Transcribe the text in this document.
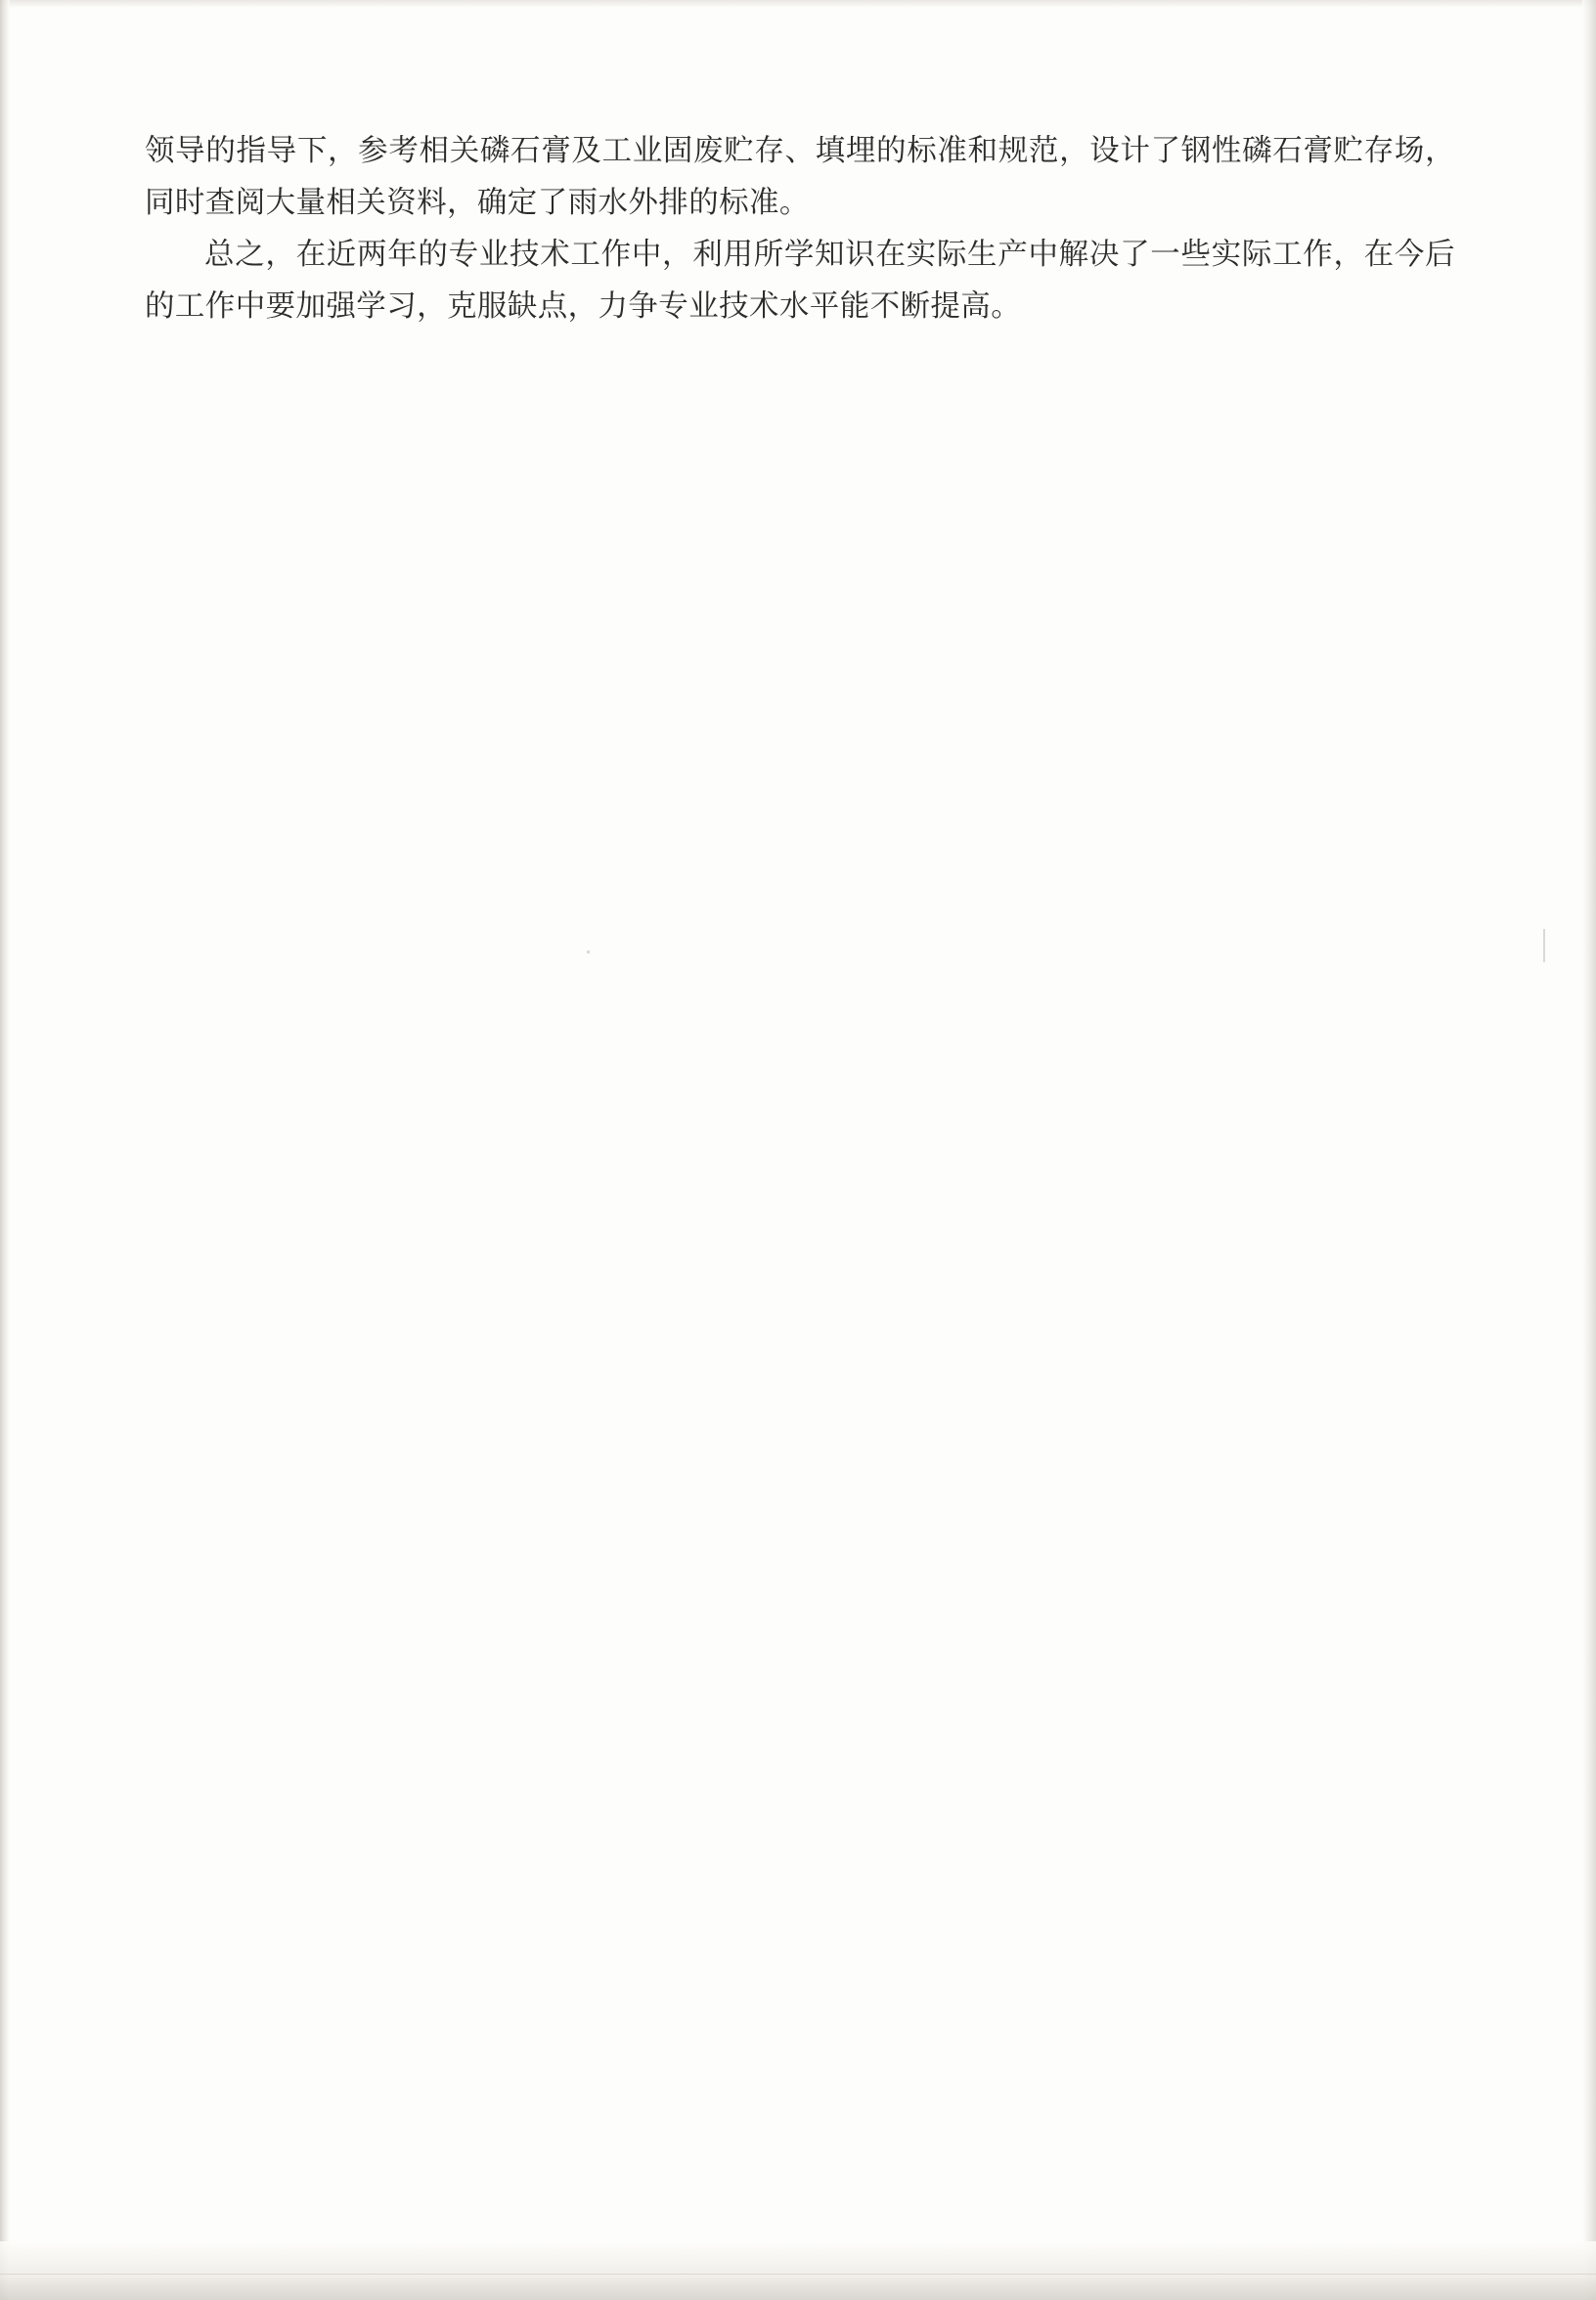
领导的指导下，参考相关磷石膏及工业固废贮存、填埋的标准和规范，设计了钢性磷石膏贮存场，同时查阅大量相关资料，确定了雨水外排的标准。

总之，在近两年的专业技术工作中，利用所学知识在实际生产中解决了一些实际工作，在今后的工作中要加强学习，克服缺点，力争专业技术水平能不断提高。
